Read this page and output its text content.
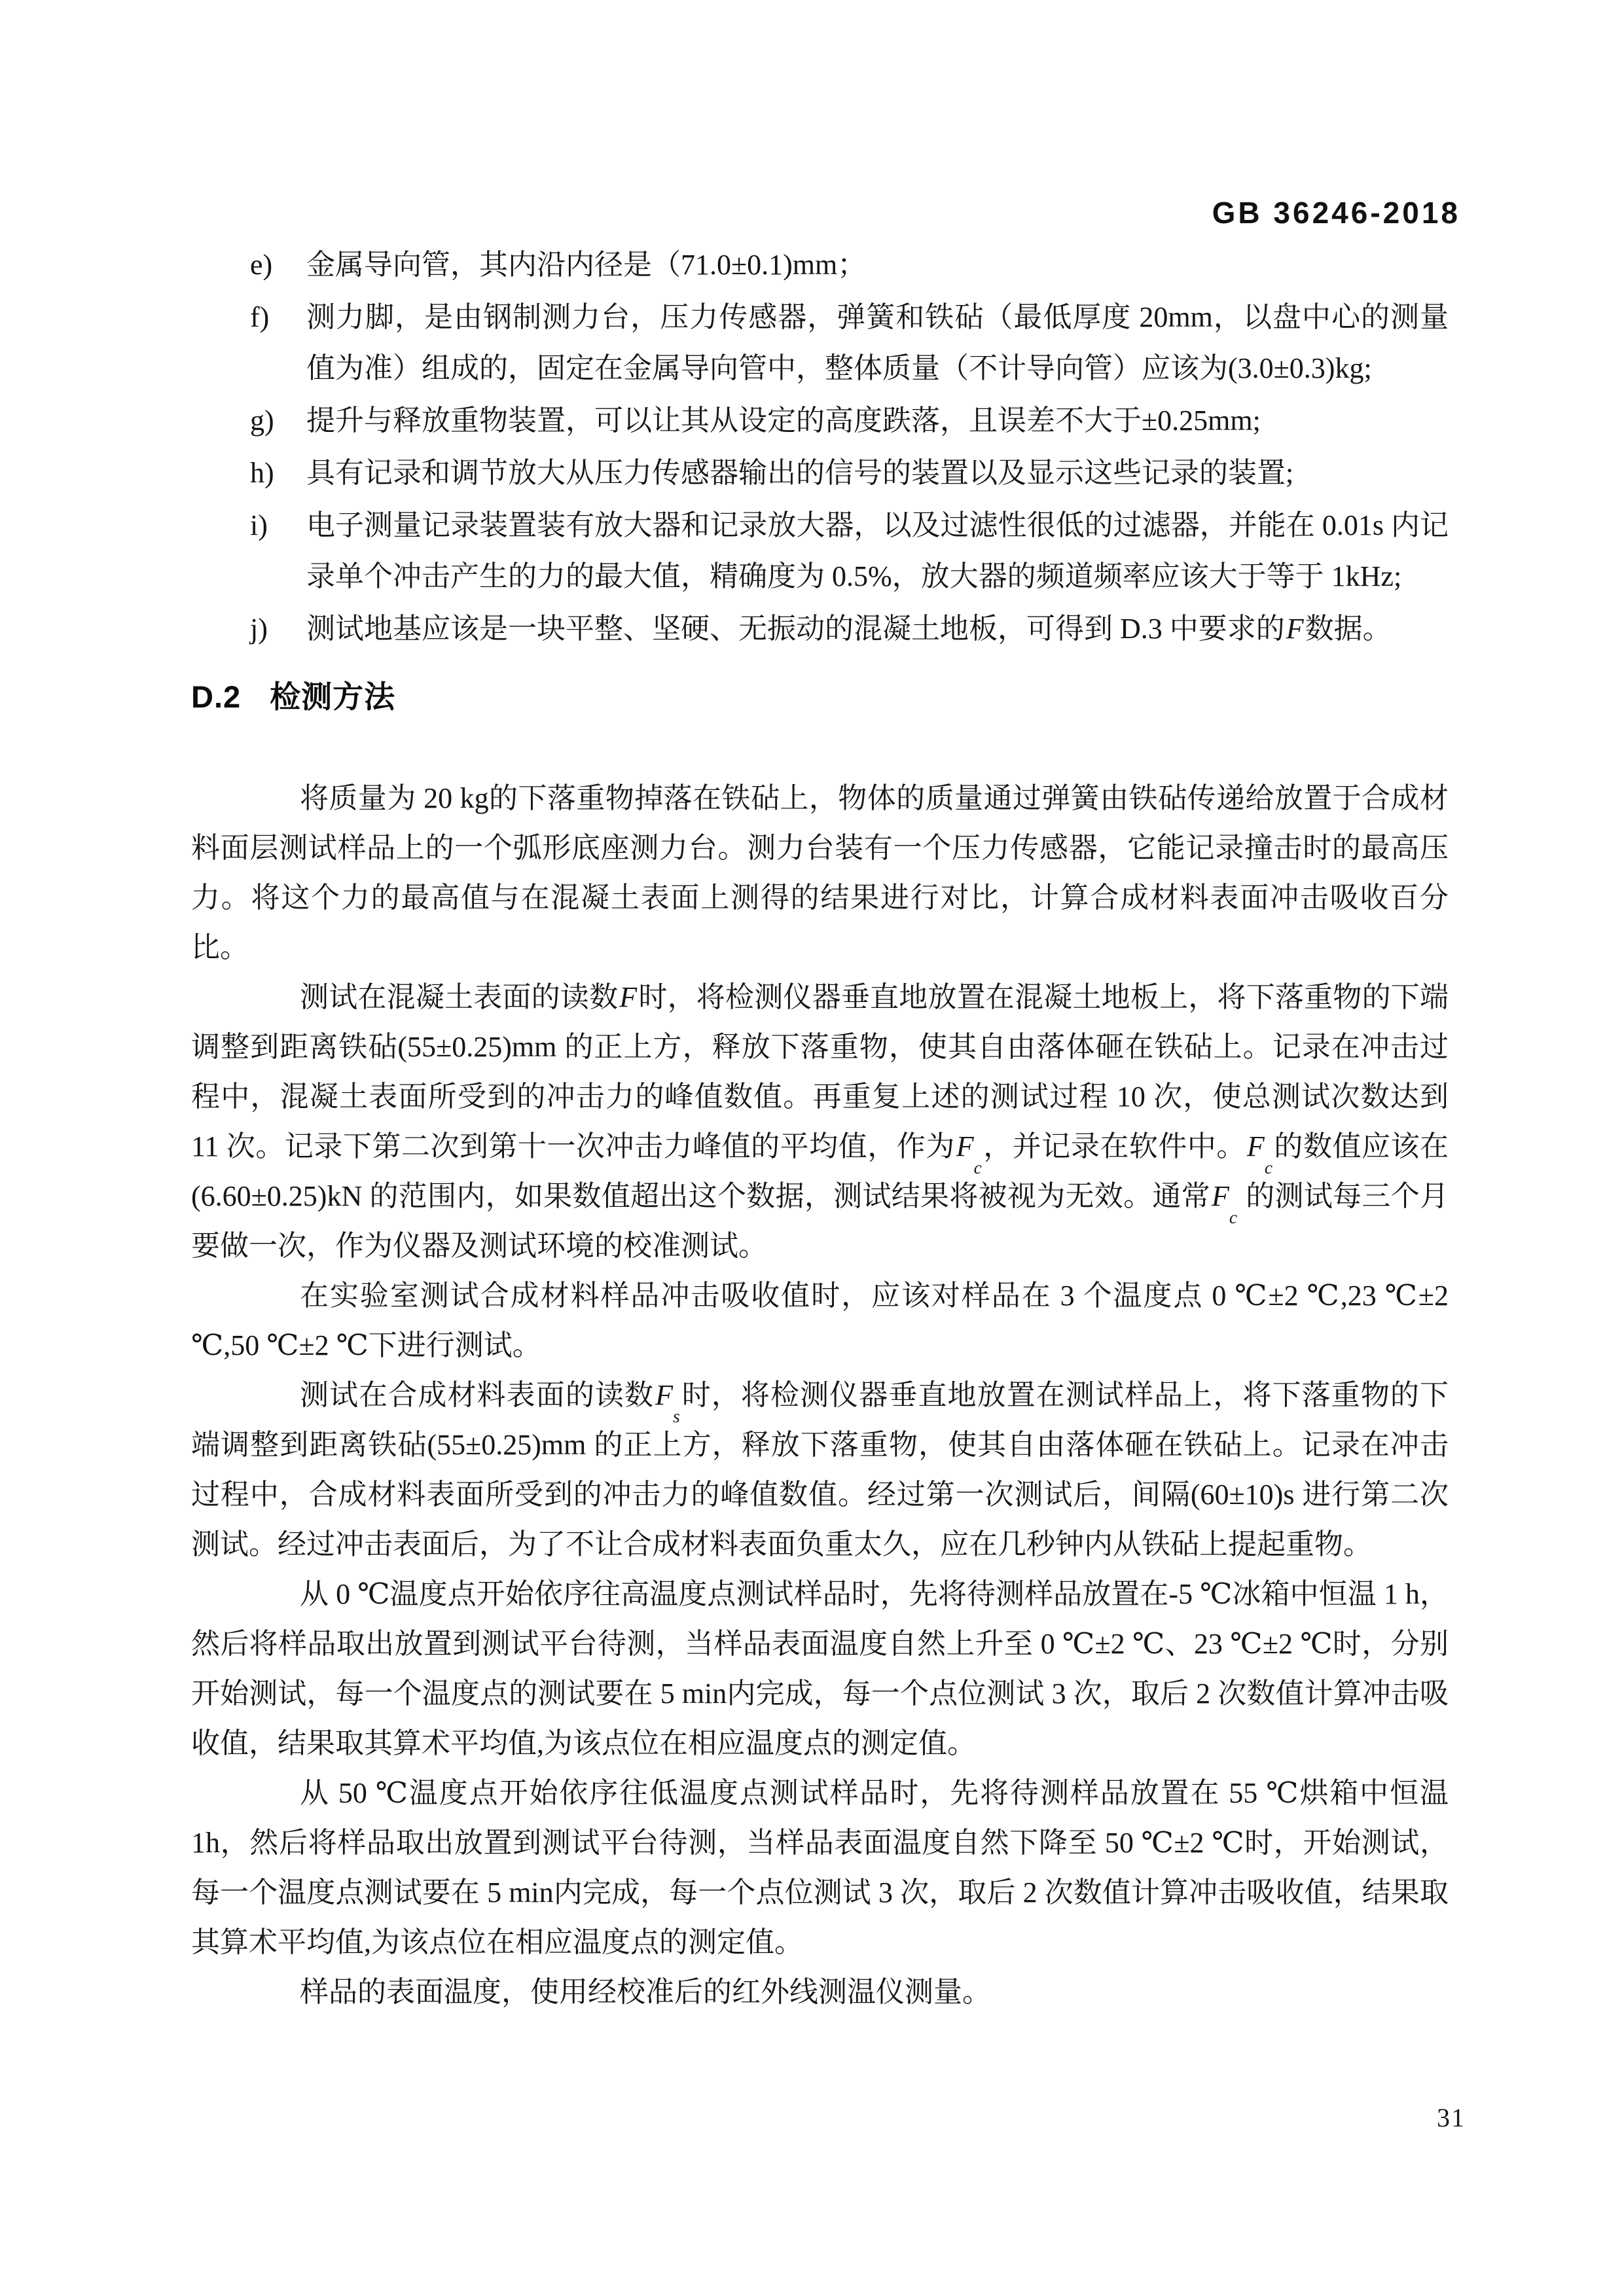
GB 36246-2018
e) 金属导向管，其内沿内径是（71.0±0.1)mm；
f) 测力脚，是由钢制测力台，压力传感器，弹簧和铁砧（最低厚度 20mm，以盘中心的测量值为准）组成的，固定在金属导向管中，整体质量（不计导向管）应该为(3.0±0.3)kg;
g) 提升与释放重物装置，可以让其从设定的高度跌落，且误差不大于±0.25mm;
h) 具有记录和调节放大从压力传感器输出的信号的装置以及显示这些记录的装置;
i) 电子测量记录装置装有放大器和记录放大器，以及过滤性很低的过滤器，并能在 0.01s 内记录单个冲击产生的力的最大值，精确度为 0.5%，放大器的频道频率应该大于等于 1kHz;
j) 测试地基应该是一块平整、坚硬、无振动的混凝土地板，可得到 D.3 中要求的F数据。
D.2 检测方法

将质量为 20 kg的下落重物掉落在铁砧上，物体的质量通过弹簧由铁砧传递给放置于合成材料面层测试样品上的一个弧形底座测力台。测力台装有一个压力传感器，它能记录撞击时的最高压力。将这个力的最高值与在混凝土表面上测得的结果进行对比，计算合成材料表面冲击吸收百分比。

测试在混凝土表面的读数F时，将检测仪器垂直地放置在混凝土地板上，将下落重物的下端调整到距离铁砧(55±0.25)mm 的正上方，释放下落重物，使其自由落体砸在铁砧上。记录在冲击过程中，混凝土表面所受到的冲击力的峰值数值。再重复上述的测试过程 10 次，使总测试次数达到 11 次。记录下第二次到第十一次冲击力峰值的平均值，作为$F_c$，并记录在软件中。$F_c$的数值应该在(6.60±0.25)kN 的范围内，如果数值超出这个数据，测试结果将被视为无效。通常$F_c$ 的测试每三个月要做一次，作为仪器及测试环境的校准测试。

在实验室测试合成材料样品冲击吸收值时，应该对样品在 3 个温度点 0 ℃±2 ℃,23 ℃±2 ℃,50 ℃±2 ℃下进行测试。

测试在合成材料表面的读数$F_s$时，将检测仪器垂直地放置在测试样品上，将下落重物的下端调整到距离铁砧(55±0.25)mm 的正上方，释放下落重物，使其自由落体砸在铁砧上。记录在冲击过程中，合成材料表面所受到的冲击力的峰值数值。经过第一次测试后，间隔(60±10)s 进行第二次测试。经过冲击表面后，为了不让合成材料表面负重太久，应在几秒钟内从铁砧上提起重物。

从 0 ℃温度点开始依序往高温度点测试样品时，先将待测样品放置在-5 ℃冰箱中恒温 1 h，然后将样品取出放置到测试平台待测，当样品表面温度自然上升至 0 ℃±2 ℃、23 ℃±2 ℃时，分别开始测试，每一个温度点的测试要在 5 min内完成，每一个点位测试 3 次，取后 2 次数值计算冲击吸收值，结果取其算术平均值,为该点位在相应温度点的测定值。

从 50 ℃温度点开始依序往低温度点测试样品时，先将待测样品放置在 55 ℃烘箱中恒温 1h，然后将样品取出放置到测试平台待测，当样品表面温度自然下降至 50 ℃±2 ℃时，开始测试，每一个温度点测试要在 5 min内完成，每一个点位测试 3 次，取后 2 次数值计算冲击吸收值，结果取其算术平均值,为该点位在相应温度点的测定值。

样品的表面温度，使用经校准后的红外线测温仪测量。

31
